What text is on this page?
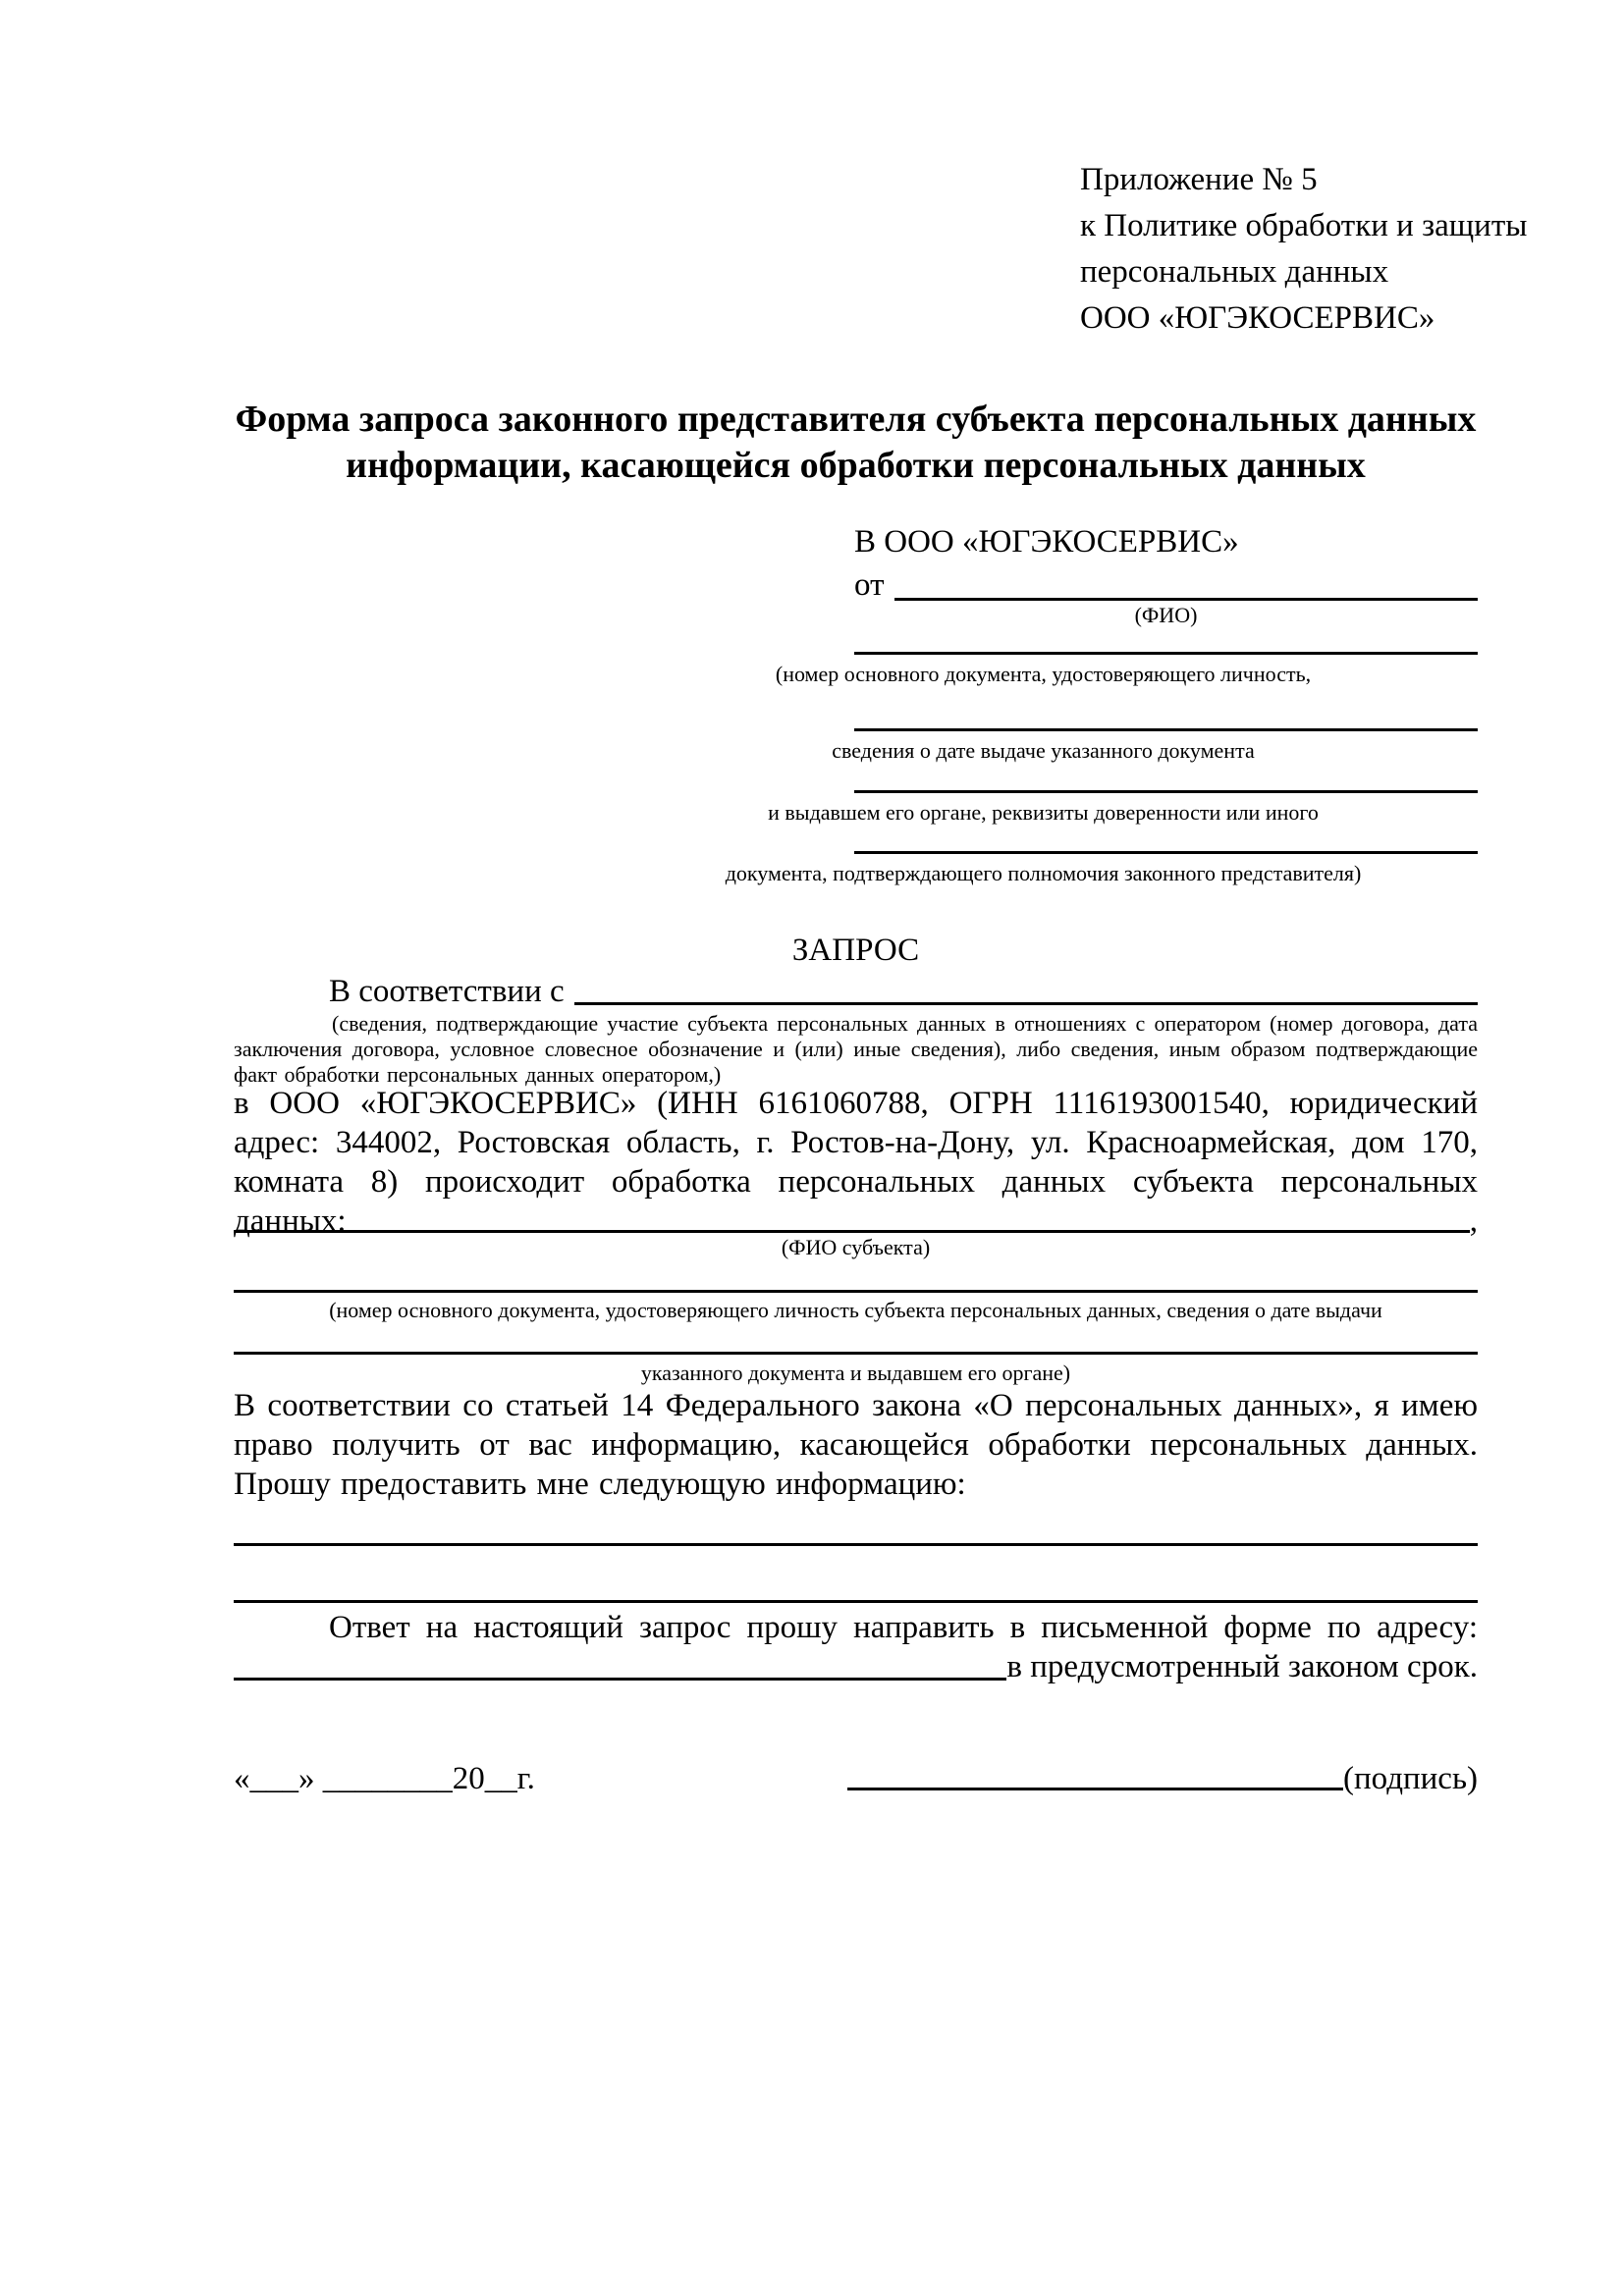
Приложение № 5
к Политике обработки и защиты
персональных данных
ООО «ЮГЭКОСЕРВИС»
Форма запроса законного представителя субъекта персональных данных
информации, касающейся обработки персональных данных
В ООО «ЮГЭКОСЕРВИС»
от
(ФИО)
(номер основного документа, удостоверяющего личность,
сведения о дате выдаче указанного документа
и выдавшем его органе, реквизиты доверенности или иного
документа, подтверждающего полномочия законного представителя)
ЗАПРОС
В соответствии с
(сведения, подтверждающие участие субъекта персональных данных в отношениях с оператором (номер договора, дата заключения договора, условное словесное обозначение и (или) иные сведения), либо сведения, иным образом подтверждающие факт обработки персональных данных оператором,)
в ООО «ЮГЭКОСЕРВИС» (ИНН 6161060788, ОГРН 1116193001540, юридический адрес: 344002, Ростовская область, г. Ростов-на-Дону, ул. Красноармейская, дом 170, комната 8) происходит обработка персональных данных субъекта персональных данных:	,
(ФИО субъекта)
(номер основного документа, удостоверяющего личность субъекта персональных данных, сведения о дате выдачи
указанного документа и выдавшем его органе)
В соответствии со статьей 14 Федерального закона «О персональных данных», я имею право получить от вас информацию, касающейся обработки персональных данных. Прошу предоставить мне следующую информацию:
Ответ на настоящий запрос прошу направить в письменной форме по адресу:
в предусмотренный законом срок.
«___» ________20__г.	(подпись)
